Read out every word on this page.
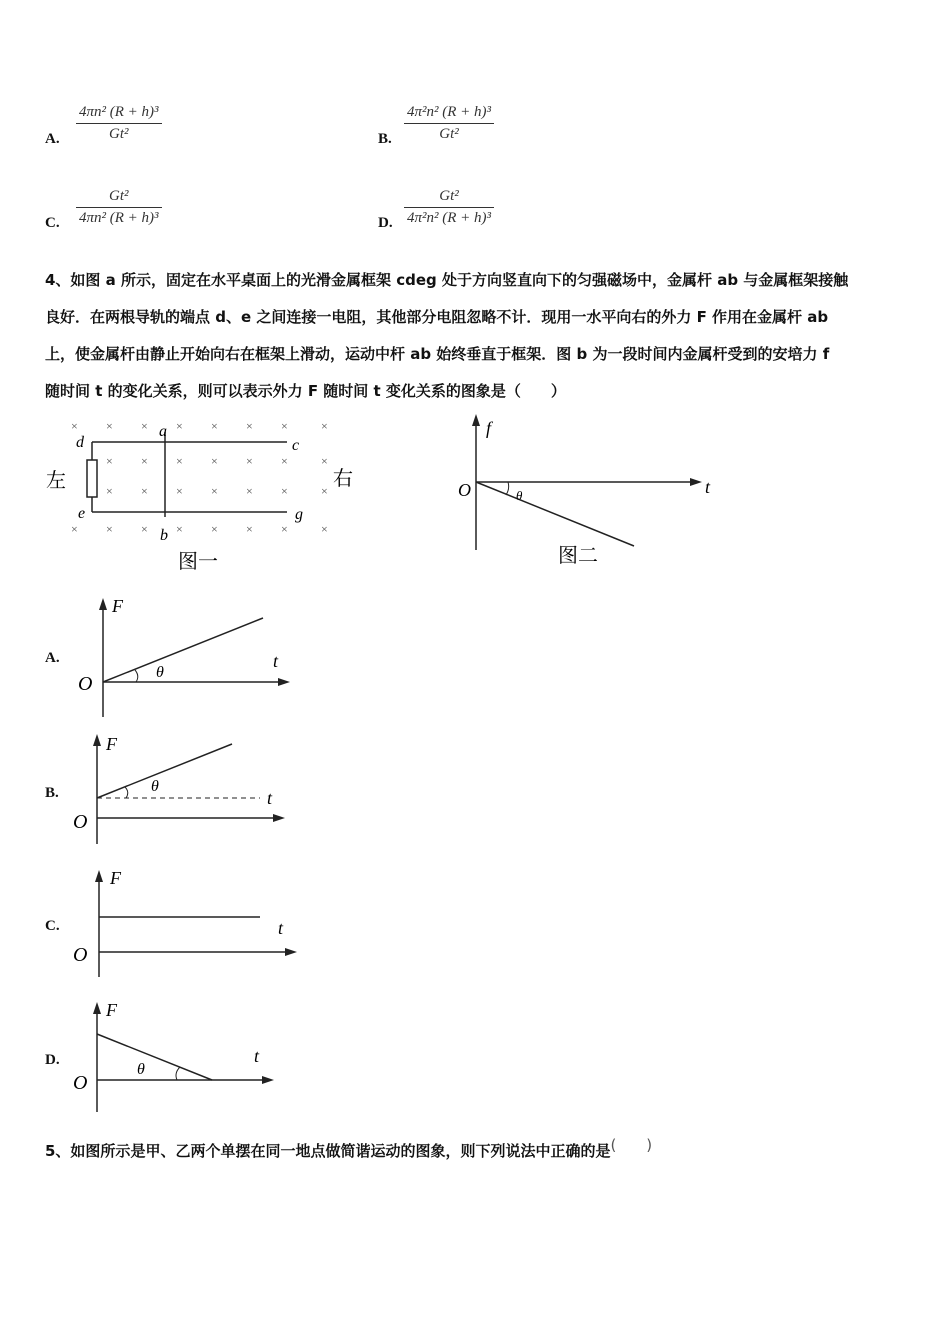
A. $\frac{\text{4πn² (R + h)³}}{\text{Gt²}}$	B. $\frac{\text{4π²n² (R + h)³}}{\text{Gt²}}$
C. $\frac{\text{Gt²}}{\text{4πn² (R + h)³}}$	D. $\frac{\text{Gt²}}{\text{4π²n² (R + h)³}}$
4、如图 a 所示，固定在水平桌面上的光滑金属框架 cdeg 处于方向竖直向下的匀强磁场中，金属杆 ab 与金属框架接触
良好．在两根导轨的端点 d、e 之间连接一电阻，其他部分电阻忽略不计．现用一水平向右的外力 F 作用在金属杆 ab
上，使金属杆由静止开始向右在框架上滑动，运动中杆 ab 始终垂直于框架．图 b 为一段时间内金属杆受到的安培力 f
随时间 t 的变化关系，则可以表示外力 F 随时间 t 变化关系的图象是（　　）
× × × × × × ×	×
× × × × × ×	×
× × × × × ×	×
× × × × × × ×	×
d
a
c
e
b
g
左	右
图一
f
t
O	θ
图二
A.
F
t
O
θ
B.
F
t
O
θ
C.
F
t
O
D.
F
t
O
θ
5、如图所示是甲、乙两个单摆在同一地点做简谐运动的图象，则下列说法中正确的是(　　)
